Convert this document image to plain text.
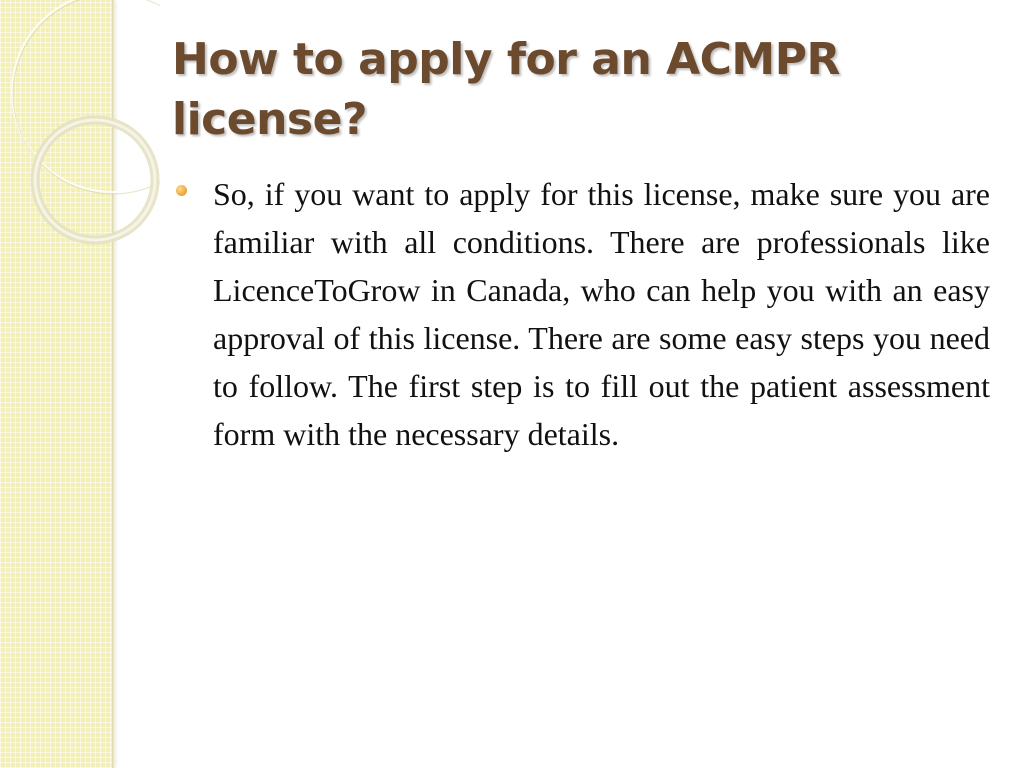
How to apply for an ACMPR license?

So, if you want to apply for this license, make sure you are familiar with all conditions. There are professionals like LicenceToGrow in Canada, who can help you with an easy approval of this license. There are some easy steps you need to follow. The first step is to fill out the patient assessment form with the necessary details.
